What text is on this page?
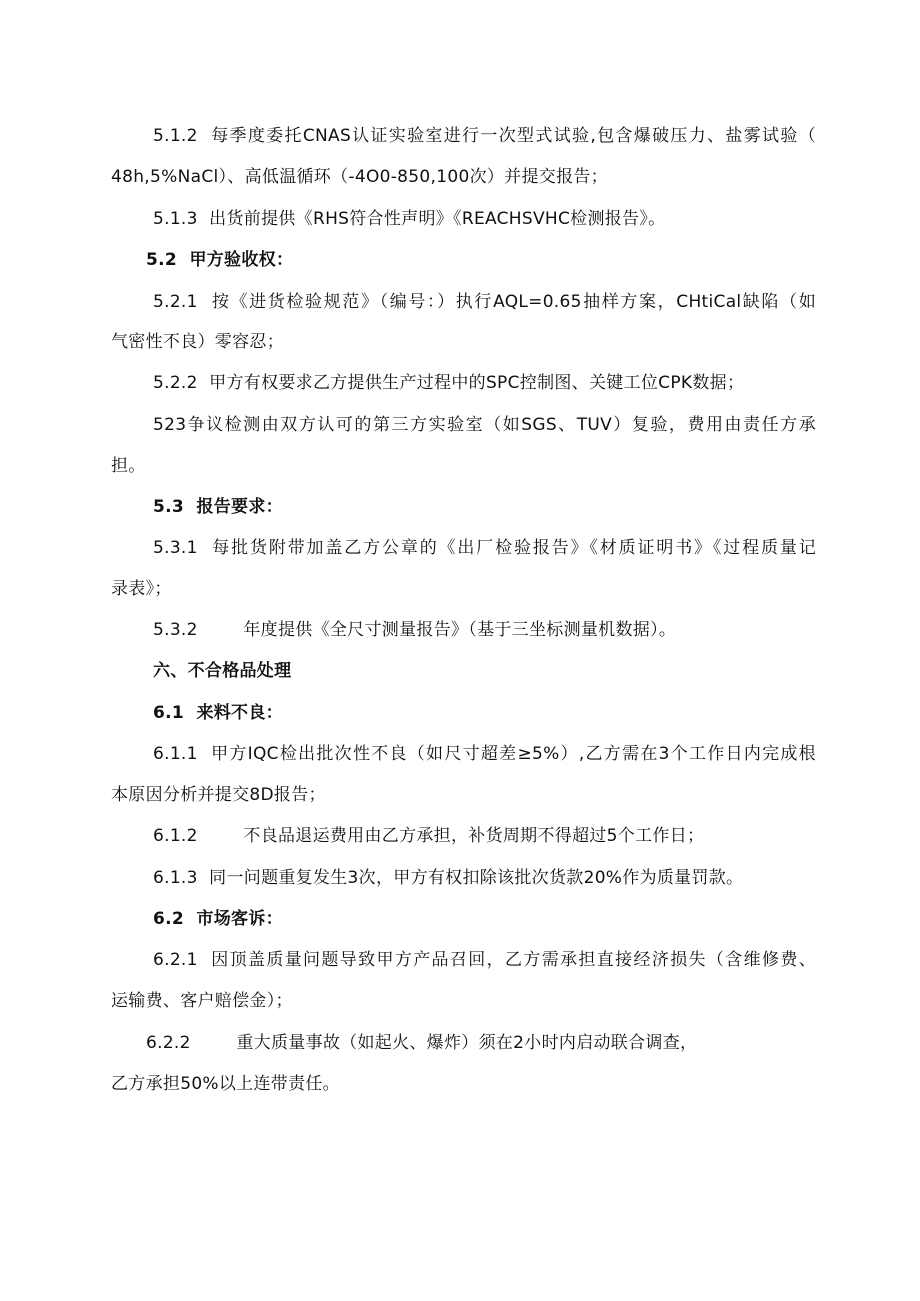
5.1.2  每季度委托CNAS认证实验室进行一次型式试验,包含爆破压力、盐雾试验（
48h,5%NaCl）、高低温循环（-4O0-850,100次）并提交报告；
5.1.3  出货前提供《RHS符合性声明》《REACHSVHC检测报告》。
5.2  甲方验收权：
5.2.1  按《进货检验规范》（编号：）执行AQL=0.65抽样方案，CHtiCal缺陷（如
气密性不良）零容忍；
5.2.2  甲方有权要求乙方提供生产过程中的SPC控制图、关键工位CPK数据；
523争议检测由双方认可的第三方实验室（如SGS、TUV）复验，费用由责任方承
担。
5.3  报告要求：
5.3.1  每批货附带加盖乙方公章的《出厂检验报告》《材质证明书》《过程质量记
录表》；
5.3.2        年度提供《全尺寸测量报告》（基于三坐标测量机数据）。
六、不合格品处理
6.1  来料不良：
6.1.1  甲方IQC检出批次性不良（如尺寸超差≥5%）,乙方需在3个工作日内完成根
本原因分析并提交8D报告；
6.1.2        不良品退运费用由乙方承担，补货周期不得超过5个工作日；
6.1.3  同一问题重复发生3次，甲方有权扣除该批次货款20%作为质量罚款。
6.2  市场客诉：
6.2.1  因顶盖质量问题导致甲方产品召回，乙方需承担直接经济损失（含维修费、
运输费、客户赔偿金）；
6.2.2        重大质量事故（如起火、爆炸）须在2小时内启动联合调查，
乙方承担50%以上连带责任。
